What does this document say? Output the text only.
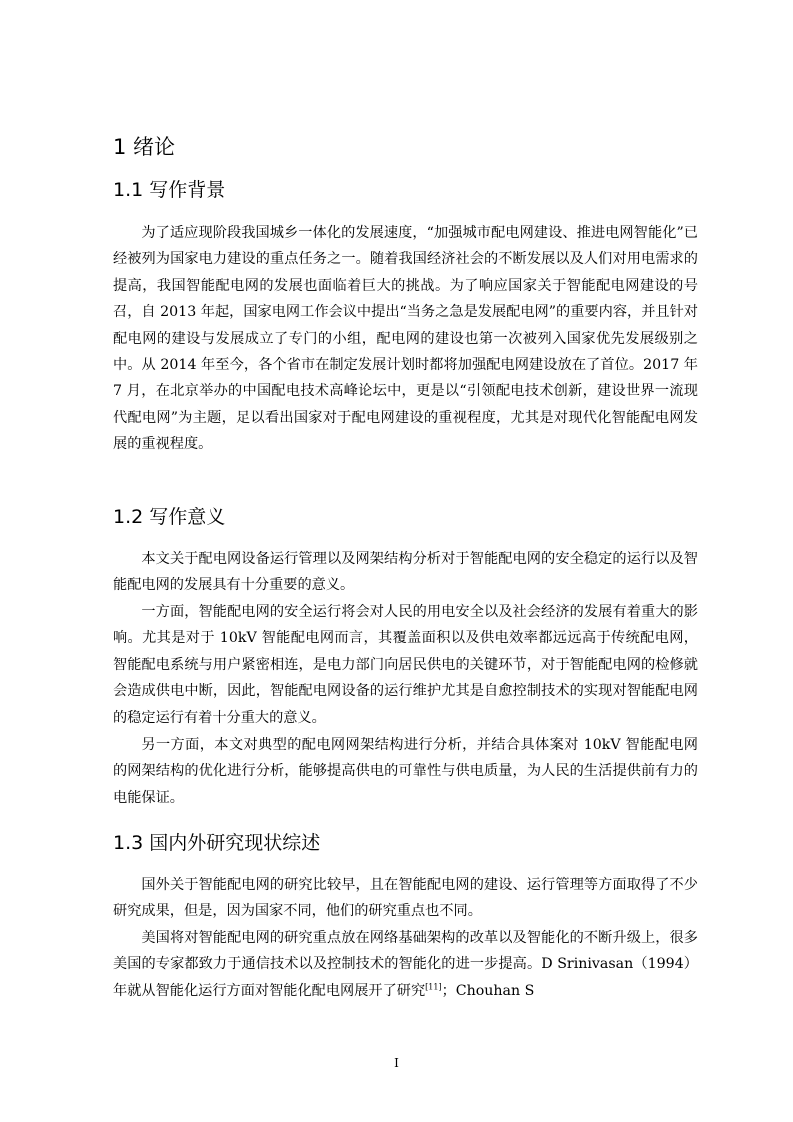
1 绪论
1.1 写作背景

为了适应现阶段我国城乡一体化的发展速度，“加强城市配电网建设、推进电网智能化”已经被列为国家电力建设的重点任务之一。随着我国经济社会的不断发展以及人们对用电需求的提高，我国智能配电网的发展也面临着巨大的挑战。为了响应国家关于智能配电网建设的号召，自 2013 年起，国家电网工作会议中提出“当务之急是发展配电网”的重要内容，并且针对配电网的建设与发展成立了专门的小组，配电网的建设也第一次被列入国家优先发展级别之中。从 2014 年至今，各个省市在制定发展计划时都将加强配电网建设放在了首位。2017 年 7 月，在北京举办的中国配电技术高峰论坛中，更是以“引领配电技术创新，建设世界一流现代配电网”为主题，足以看出国家对于配电网建设的重视程度，尤其是对现代化智能配电网发展的重视程度。

1.2 写作意义

本文关于配电网设备运行管理以及网架结构分析对于智能配电网的安全稳定的运行以及智能配电网的发展具有十分重要的意义。

一方面，智能配电网的安全运行将会对人民的用电安全以及社会经济的发展有着重大的影响。尤其是对于 10kV 智能配电网而言，其覆盖面积以及供电效率都远远高于传统配电网，智能配电系统与用户紧密相连，是电力部门向居民供电的关键环节，对于智能配电网的检修就会造成供电中断，因此，智能配电网设备的运行维护尤其是自愈控制技术的实现对智能配电网的稳定运行有着十分重大的意义。

另一方面，本文对典型的配电网网架结构进行分析，并结合具体案对 10kV 智能配电网的网架结构的优化进行分析，能够提高供电的可靠性与供电质量，为人民的生活提供前有力的电能保证。

1.3 国内外研究现状综述

国外关于智能配电网的研究比较早，且在智能配电网的建设、运行管理等方面取得了不少研究成果，但是，因为国家不同，他们的研究重点也不同。

美国将对智能配电网的研究重点放在网络基础架构的改革以及智能化的不断升级上，很多美国的专家都致力于通信技术以及控制技术的智能化的进一步提高。D Srinivasan（1994）年就从智能化运行方面对智能化配电网展开了研究[11]；Chouhan S

I
